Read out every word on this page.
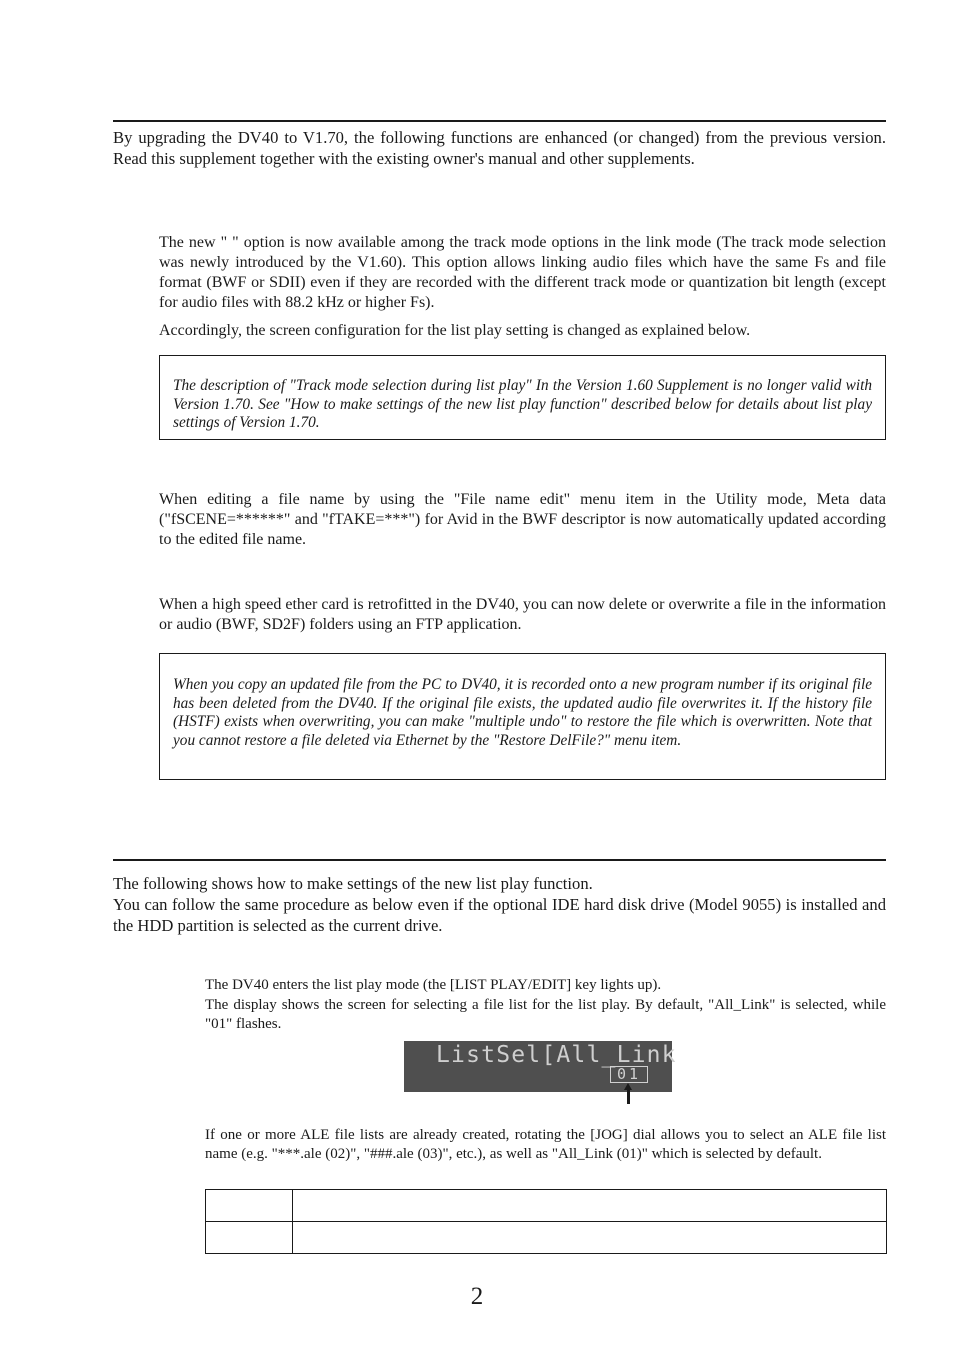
By upgrading the DV40 to V1.70, the following functions are enhanced (or changed) from the previous version. Read this supplement together with the existing owner's manual and other supplements.

The new " " option is now available among the track mode options in the link mode (The track mode selection was newly introduced by the V1.60). This option allows linking audio files which have the same Fs and file format (BWF or SDII) even if they are recorded with the different track mode or quantization bit length (except for audio files with 88.2 kHz or higher Fs).

Accordingly, the screen configuration for the list play setting is changed as explained below.

The description of "Track mode selection during list play" In the Version 1.60 Supplement is no longer valid with Version 1.70. See "How to make settings of the new list play function" described below for details about list play settings of Version 1.70.

When editing a file name by using the "File name edit" menu item in the Utility mode, Meta data ("fSCENE=******" and "fTAKE=***") for Avid in the BWF descriptor is now automatically updated according to the edited file name.

When a high speed ether card is retrofitted in the DV40, you can now delete or overwrite a file in the information or audio (BWF, SD2F) folders using an FTP application.

When you copy an updated file from the PC to DV40, it is recorded onto a new program number if its original file has been deleted from the DV40. If the original file exists, the updated audio file overwrites it. If the history file (HSTF) exists when overwriting, you can make "multiple undo" to restore the file which is overwritten. Note that you cannot restore a file deleted via Ethernet by the "Restore DelFile?" menu item.

The following shows how to make settings of the new list play function.

You can follow the same procedure as below even if the optional IDE hard disk drive (Model 9055) is installed and the HDD partition is selected as the current drive.

The DV40 enters the list play mode (the [LIST PLAY/EDIT] key lights up).
The display shows the screen for selecting a file list for the list play. By default, "All_Link" is selected, while "01" flashes.

ListSel[All_Link
01

If one or more ALE file lists are already created, rotating the [JOG] dial allows you to select an ALE file list name (e.g. "***.ale (02)", "###.ale (03)", etc.), as well as "All_Link (01)" which is selected by default.

2
